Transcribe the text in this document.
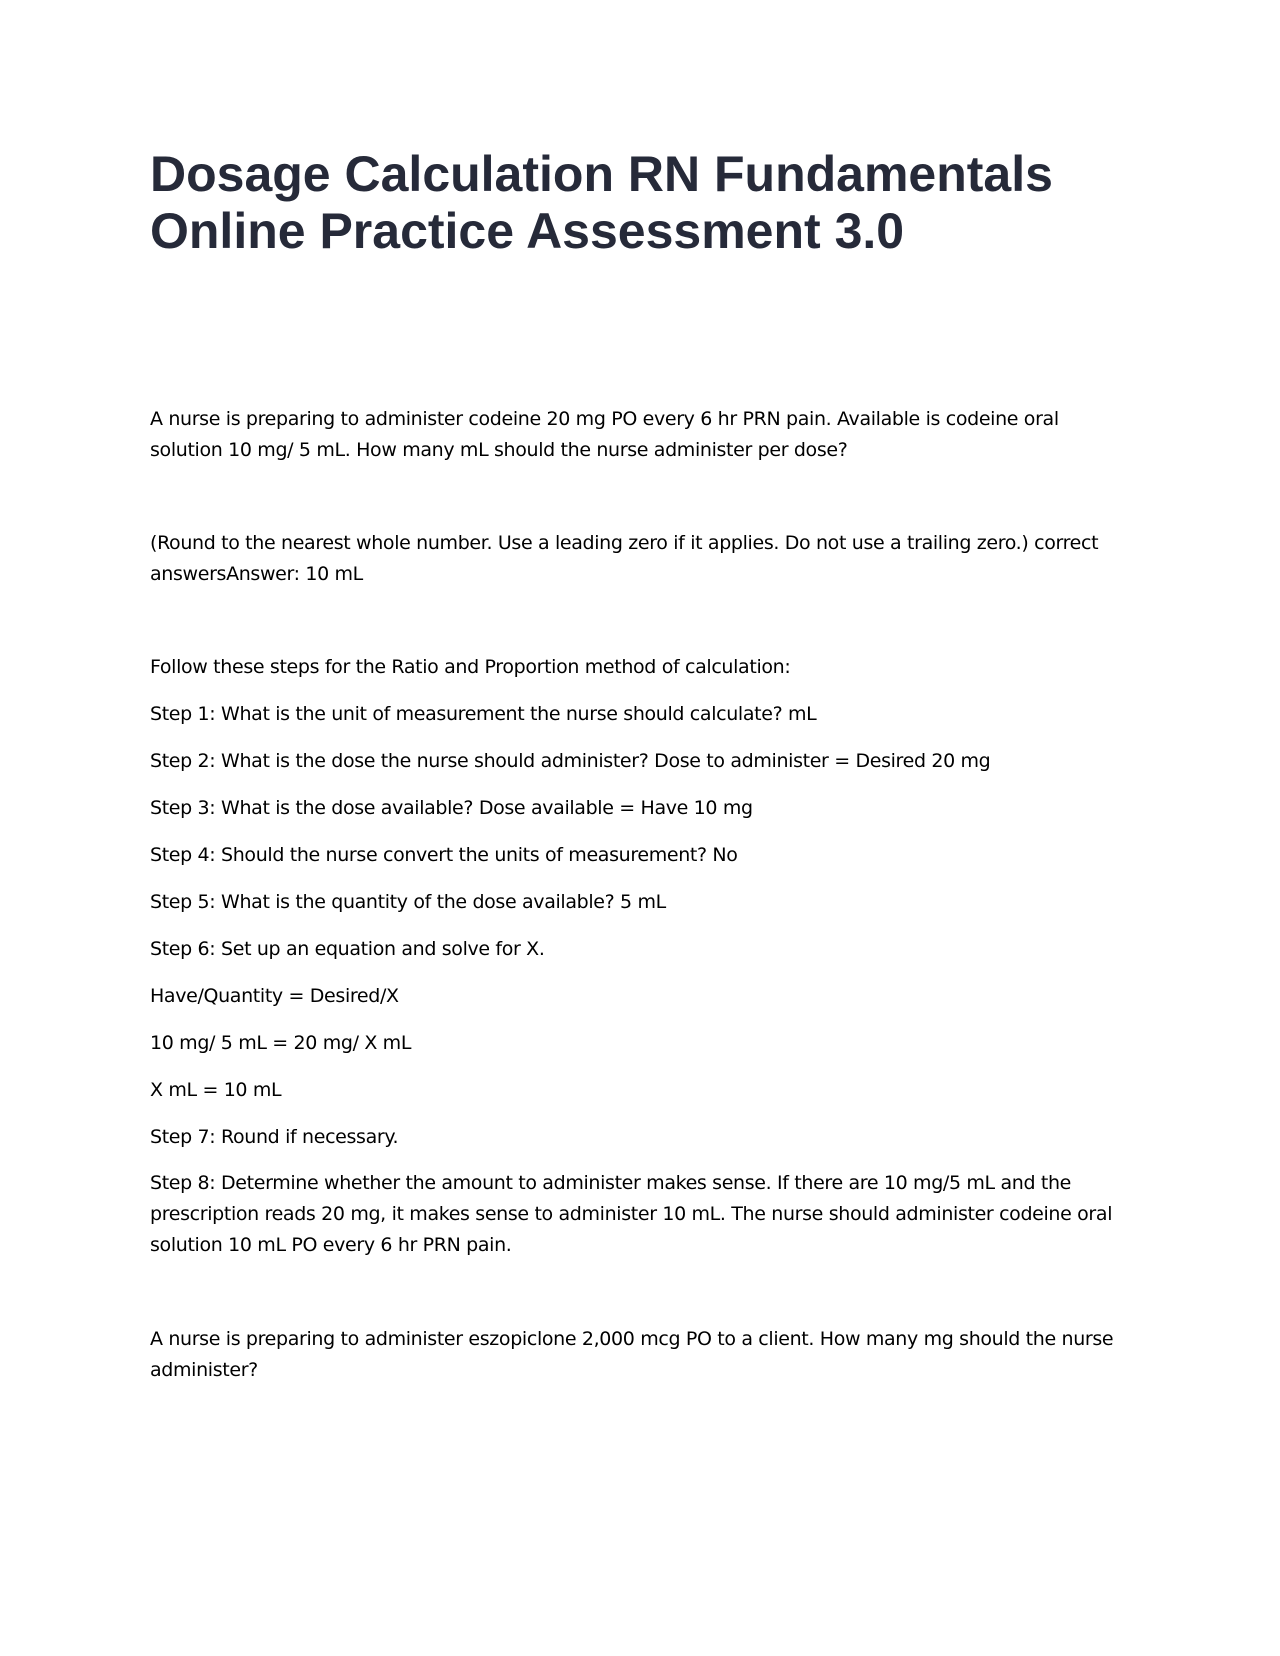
Dosage Calculation RN Fundamentals
Online Practice Assessment 3.0

A nurse is preparing to administer codeine 20 mg PO every 6 hr PRN pain. Available is codeine oral solution 10 mg/ 5 mL. How many mL should the nurse administer per dose?

(Round to the nearest whole number. Use a leading zero if it applies. Do not use a trailing zero.) correct answersAnswer: 10 mL

Follow these steps for the Ratio and Proportion method of calculation:

Step 1: What is the unit of measurement the nurse should calculate? mL

Step 2: What is the dose the nurse should administer? Dose to administer = Desired 20 mg

Step 3: What is the dose available? Dose available = Have 10 mg

Step 4: Should the nurse convert the units of measurement? No

Step 5: What is the quantity of the dose available? 5 mL

Step 6: Set up an equation and solve for X.

Have/Quantity = Desired/X

10 mg/ 5 mL = 20 mg/ X mL

X mL = 10 mL

Step 7: Round if necessary.

Step 8: Determine whether the amount to administer makes sense. If there are 10 mg/5 mL and the prescription reads 20 mg, it makes sense to administer 10 mL. The nurse should administer codeine oral solution 10 mL PO every 6 hr PRN pain.

A nurse is preparing to administer eszopiclone 2,000 mcg PO to a client. How many mg should the nurse administer?
